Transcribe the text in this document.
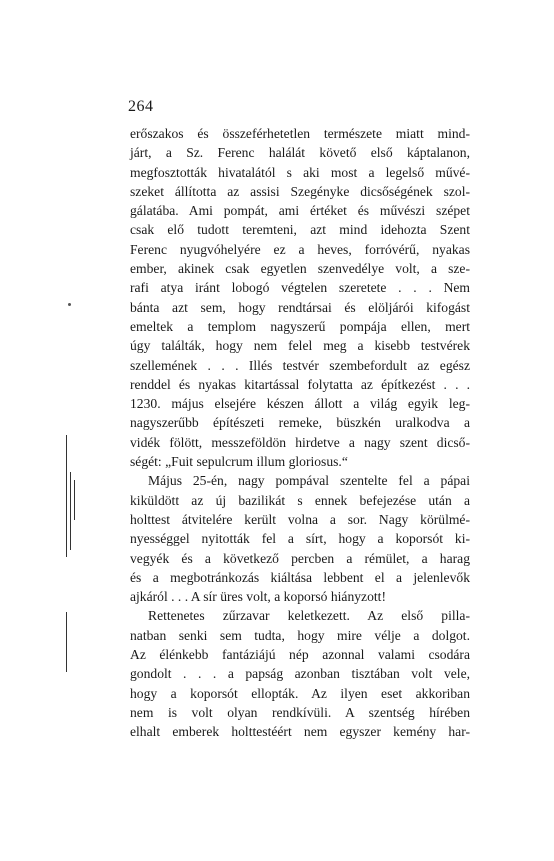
264
erőszakos és összeférhetetlen természete miatt mind-
járt, a Sz. Ferenc halálát követő első káptalanon,
megfosztották hivatalától s aki most a legelső művé-
szeket állította az assisi Szegényke dicsőségének szol-
gálatába. Ami pompát, ami értéket és művészi szépet
csak elő tudott teremteni, azt mind idehozta Szent
Ferenc nyugvóhelyére ez a heves, forróvérű, nyakas
ember, akinek csak egyetlen szenvedélye volt, a sze-
rafi atya iránt lobogó végtelen szeretete . . . Nem
bánta azt sem, hogy rendtársai és elöljárói kifogást
emeltek a templom nagyszerű pompája ellen, mert
úgy találták, hogy nem felel meg a kisebb testvérek
szellemének . . . Illés testvér szembefordult az egész
renddel és nyakas kitartással folytatta az építkezést . . .
1230. május elsejére készen állott a világ egyik leg-
nagyszerűbb építészeti remeke, büszkén uralkodva a
vidék fölött, messzeföldön hirdetve a nagy szent dicső-
ségét: „Fuit sepulcrum illum gloriosus.“
Május 25-én, nagy pompával szentelte fel a pápai
kiküldött az új bazilikát s ennek befejezése után a
holttest átvitelére került volna a sor. Nagy körülmé-
nyességgel nyitották fel a sírt, hogy a koporsót ki-
vegyék és a következő percben a rémület, a harag
és a megbotránkozás kiáltása lebbent el a jelenlevők
ajkáról . . . A sír üres volt, a koporsó hiányzott!
Rettenetes zűrzavar keletkezett. Az első pilla-
natban senki sem tudta, hogy mire vélje a dolgot.
Az élénkebb fantáziájú nép azonnal valami csodára
gondolt . . . a papság azonban tisztában volt vele,
hogy a koporsót ellopták. Az ilyen eset akkoriban
nem is volt olyan rendkívüli. A szentség hírében
elhalt emberek holttestéért nem egyszer kemény har-
